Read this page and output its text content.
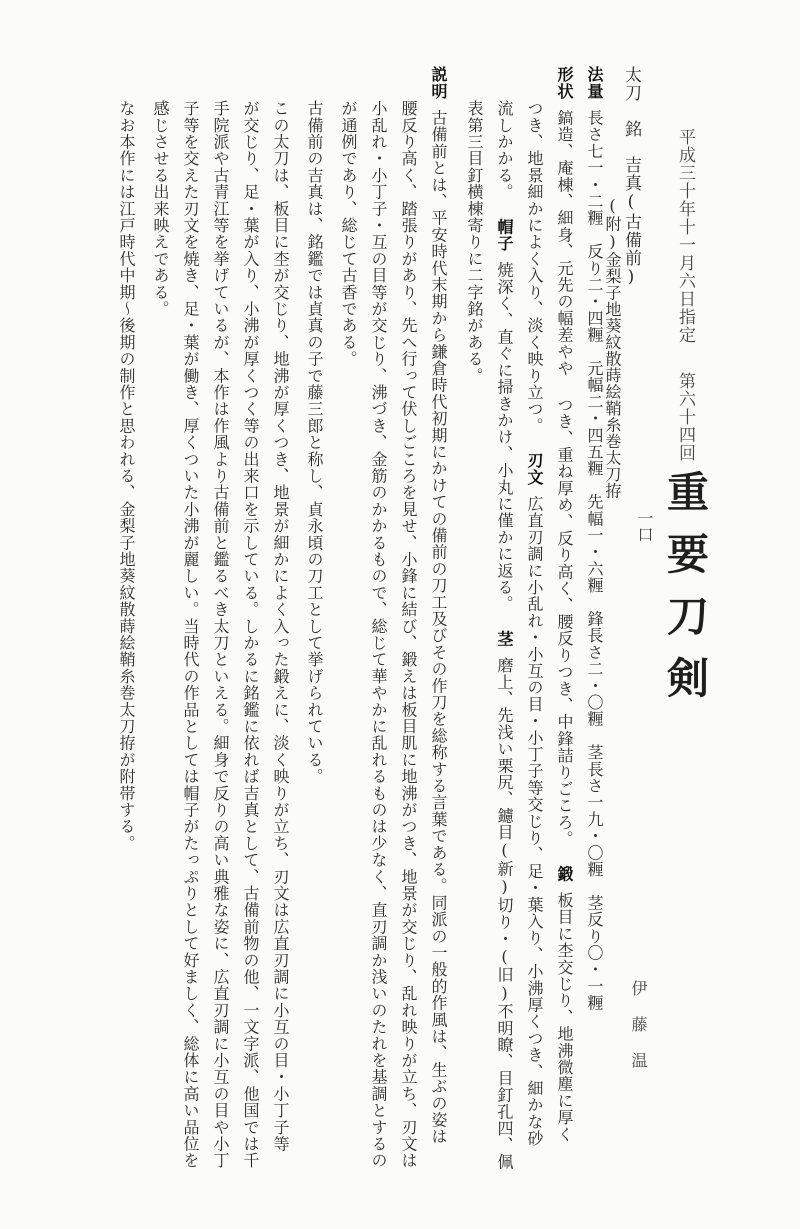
平成三十年十一月六日指定
第六十四回
重要刀剣
一口
伊藤温
太刀銘吉真(古備前)
(附)金梨子地葵紋散蒔絵鞘糸巻太刀拵
法量長さ七一・二糎　反り二・四糎　元幅二・四五糎　先幅一・六糎　鋒長さ二・〇糎　茎長さ一九・〇糎　茎反り〇・一糎
形状鎬造、庵棟、細身、元先の幅差やや つき、重ね厚め、反り高く、腰反りつき、中鋒詰りごころ。鍛板目に杢交じり、地沸微塵に厚く
つき、地景細かによく入り、淡く映り立つ。刃文広直刃調に小乱れ・小互の目・小丁子等交じり、足・葉入り、小沸厚くつき、細かな砂
流しかかる。帽子焼深く、直ぐに掃きかけ、小丸に僅かに返る。茎磨上、先浅い栗尻、鑢目(新)切り・(旧)不明瞭、目釘孔四、佩
表第三目釘横棟寄りに二字銘がある。
説明古備前とは、平安時代末期から鎌倉時代初期にかけての備前の刀工及びその作刀を総称する言葉である。同派の一般的作風は、生ぶの姿は
腰反り高く、踏張りがあり、先へ行って伏しごころを見せ、小鋒に結び、鍛えは板目肌に地沸がつき、地景が交じり、乱れ映りが立ち、刃文は
小乱れ・小丁子・互の目等が交じり、沸づき、金筋のかかるもので、総じて華やかに乱れるものは少なく、直刃調か浅いのたれを基調とするの
が通例であり、総じて古香である。
古備前の吉真は、銘鑑では貞真の子で藤三郎と称し、貞永頃の刀工として挙げられている。
この太刀は、板目に杢が交じり、地沸が厚くつき、地景が細かによく入った鍛えに、淡く映りが立ち、刃文は広直刃調に小互の目・小丁子等
が交じり、足・葉が入り、小沸が厚くつく等の出来口を示している。しかるに銘鑑に依れば吉真として、古備前物の他、一文字派、他国では千
手院派や古青江等を挙げているが、本作は作風より古備前と鑑るべき太刀といえる。細身で反りの高い典雅な姿に、広直刃調に小互の目や小丁
子等を交えた刃文を焼き、足・葉が働き、厚くついた小沸が麗しい。当時代の作品としては帽子がたっぷりとして好ましく、総体に高い品位を
感じさせる出来映えである。
なお本作には江戸時代中期～後期の制作と思われる、金梨子地葵紋散蒔絵鞘糸巻太刀拵が附帯する。
